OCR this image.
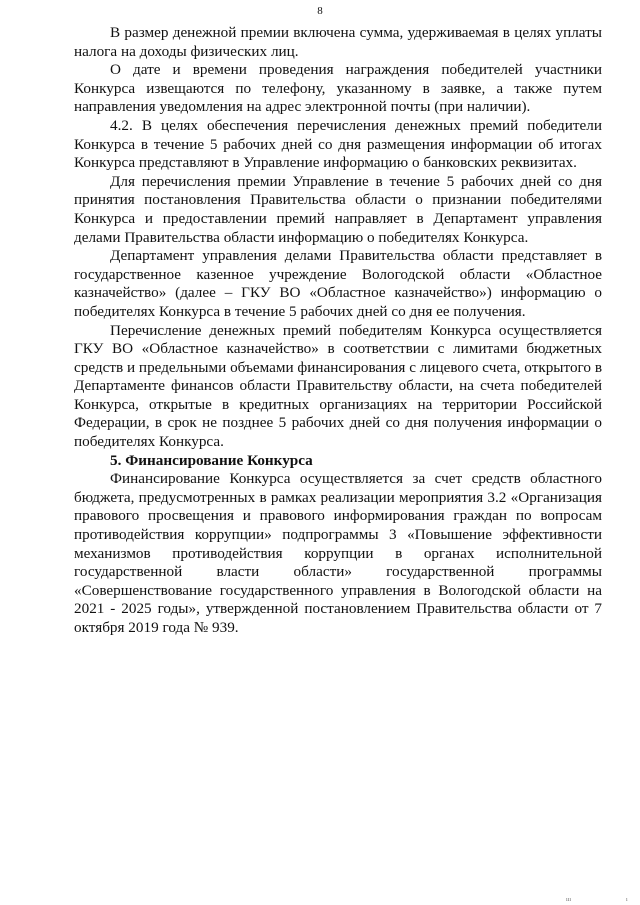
8

В размер денежной премии включена сумма, удерживаемая в целях уплаты налога на доходы физических лиц.

О дате и времени проведения награждения победителей участники Конкурса извещаются по телефону, указанному в заявке, а также путем направления уведомления на адрес электронной почты (при наличии).

4.2. В целях обеспечения перечисления денежных премий победители Конкурса в течение 5 рабочих дней со дня размещения информации об итогах Конкурса представляют в Управление информацию о банковских реквизитах.

Для перечисления премии Управление в течение 5 рабочих дней со дня принятия постановления Правительства области о признании победителями Конкурса и предоставлении премий направляет в Департамент управления делами Правительства области информацию о победителях Конкурса.

Департамент управления делами Правительства области представляет в государственное казенное учреждение Вологодской области «Областное казначейство» (далее – ГКУ ВО «Областное казначейство») информацию о победителях Конкурса в течение 5 рабочих дней со дня ее получения.

Перечисление денежных премий победителям Конкурса осуществляется ГКУ ВО «Областное казначейство» в соответствии с лимитами бюджетных средств и предельными объемами финансирования с лицевого счета, открытого в Департаменте финансов области Правительству области, на счета победителей Конкурса, открытые в кредитных организациях на территории Российской Федерации, в срок не позднее 5 рабочих дней со дня получения информации о победителях Конкурса.

5. Финансирование Конкурса

Финансирование Конкурса осуществляется за счет средств областного бюджета, предусмотренных в рамках реализации мероприятия 3.2 «Организация правового просвещения и правового информирования граждан по вопросам противодействия коррупции» подпрограммы 3 «Повышение эффективности механизмов противодействия коррупции в органах исполнительной государственной власти области» государственной программы «Совершенствование государственного управления в Вологодской области на 2021 - 2025 годы», утвержденной постановлением Правительства области от 7 октября 2019 года № 939.

ııı	ı
